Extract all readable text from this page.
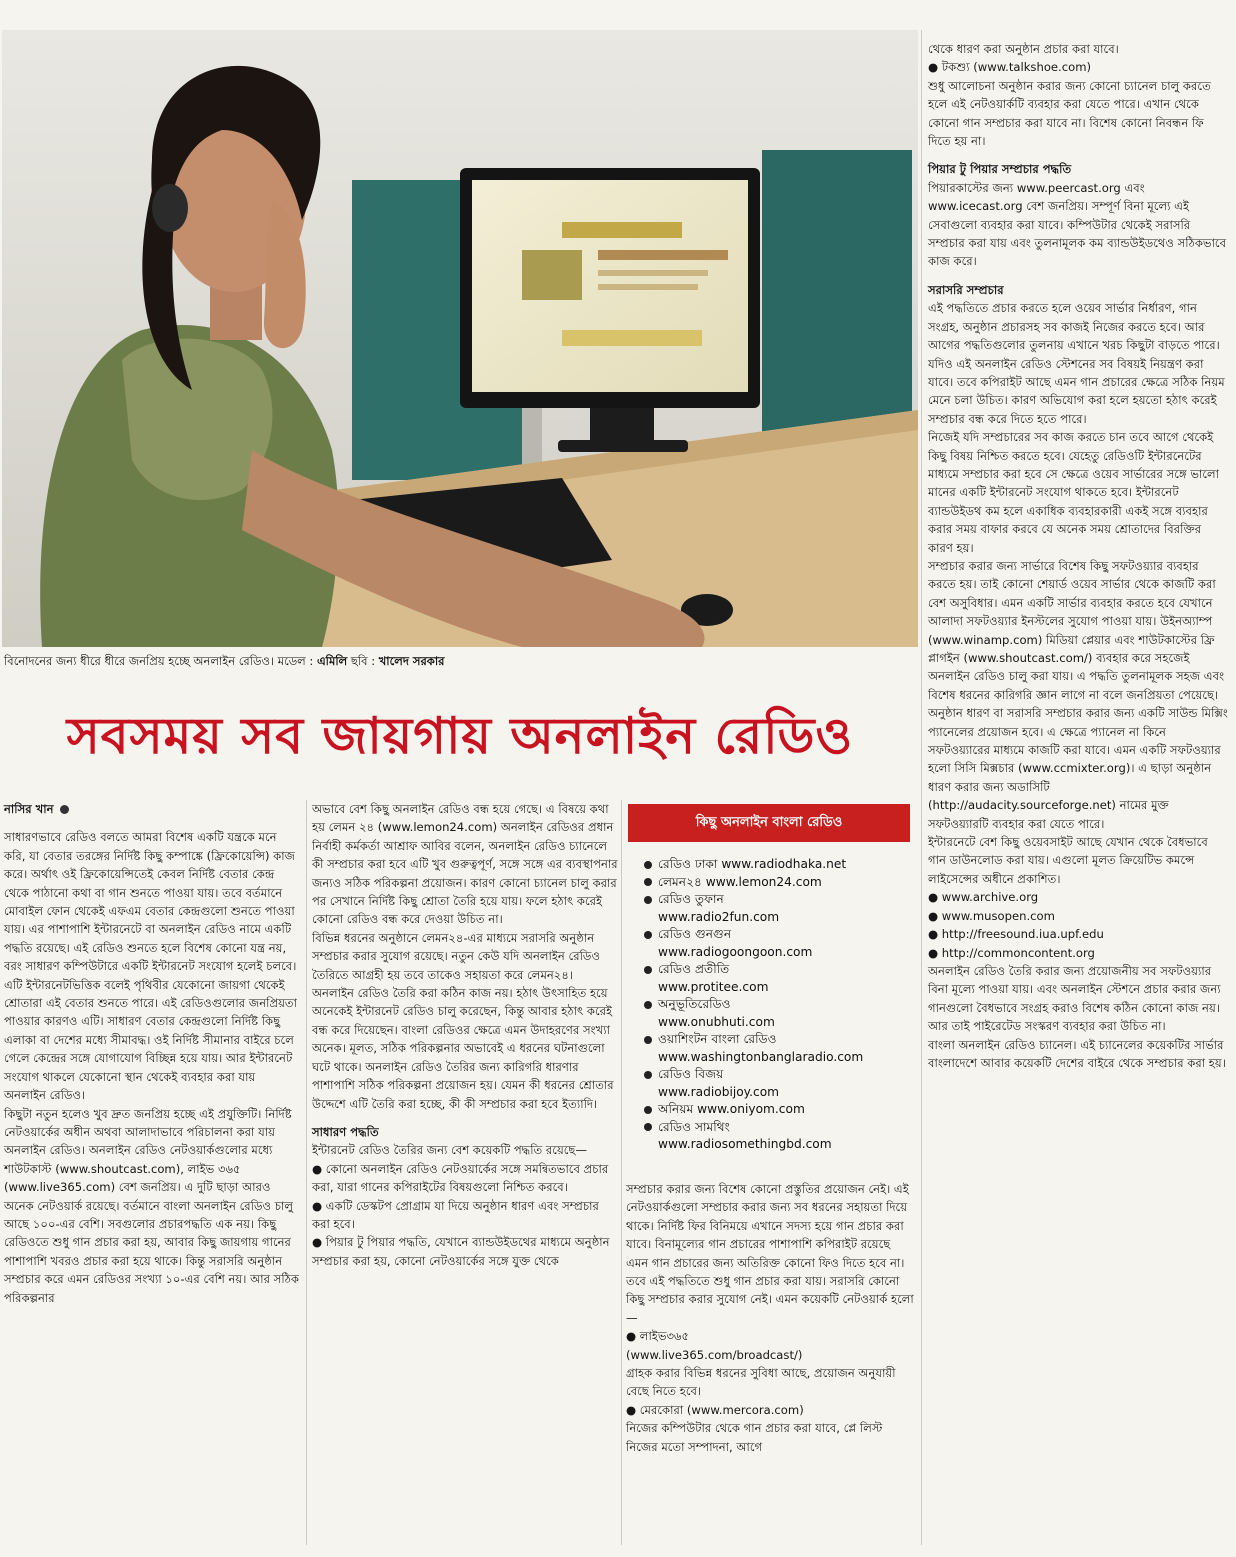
বিনোদনের জন্য ধীরে ধীরে জনপ্রিয় হচ্ছে অনলাইন রেডিও। মডেল : এমিলি ছবি : খালেদ সরকার
সবসময় সব জায়গায় অনলাইন রেডিও
নাসির খান
সাধারণভাবে রেডিও বলতে আমরা বিশেষ একটি যন্ত্রকে মনে করি, যা বেতার তরঙ্গের নির্দিষ্ট কিছু কম্পাঙ্কে (ফ্রিকোয়েন্সি) কাজ করে। অর্থাৎ ওই ফ্রিকোয়েন্সিতেই কেবল নির্দিষ্ট বেতার কেন্দ্র থেকে পাঠানো কথা বা গান শুনতে পাওয়া যায়। তবে বর্তমানে মোবাইল ফোন থেকেই এফএম বেতার কেন্দ্রগুলো শুনতে পাওয়া যায়। এর পাশাপাশি ইন্টারনেটে বা অনলাইন রেডিও নামে একটি পদ্ধতি রয়েছে। এই রেডিও শুনতে হলে বিশেষ কোনো যন্ত্র নয়, বরং সাধারণ কম্পিউটারে একটি ইন্টারনেট সংযোগ হলেই চলবে। এটি ইন্টারনেটভিত্তিক বলেই পৃথিবীর যেকোনো জায়গা থেকেই শ্রোতারা এই বেতার শুনতে পারে। এই রেডিওগুলোর জনপ্রিয়তা পাওয়ার কারণও এটি। সাধারণ বেতার কেন্দ্রগুলো নির্দিষ্ট কিছু এলাকা বা দেশের মধ্যে সীমাবদ্ধ। ওই নির্দিষ্ট সীমানার বাইরে চলে গেলে কেন্দ্রের সঙ্গে যোগাযোগ বিচ্ছিন্ন হয়ে যায়। আর ইন্টারনেট সংযোগ থাকলে যেকোনো স্থান থেকেই ব্যবহার করা যায় অনলাইন রেডিও।
কিছুটা নতুন হলেও খুব দ্রুত জনপ্রিয় হচ্ছে এই প্রযুক্তিটি। নির্দিষ্ট নেটওয়ার্কের অধীন অথবা আলাদাভাবে পরিচালনা করা যায় অনলাইন রেডিও। অনলাইন রেডিও নেটওয়ার্কগুলোর মধ্যে শাউটকাস্ট (www.shoutcast.com), লাইভ ৩৬৫ (www.live365.com) বেশ জনপ্রিয়। এ দুটি ছাড়া আরও অনেক নেটওয়ার্ক রয়েছে। বর্তমানে বাংলা অনলাইন রেডিও চালু আছে ১০০-এর বেশি। সবগুলোর প্রচারপদ্ধতি এক নয়। কিছু রেডিওতে শুধু গান প্রচার করা হয়, আবার কিছু জায়গায় গানের পাশাপাশি খবরও প্রচার করা হয়ে থাকে। কিন্তু সরাসরি অনুষ্ঠান সম্প্রচার করে এমন রেডিওর সংখ্যা ১০-এর বেশি নয়। আর সঠিক পরিকল্পনার
অভাবে বেশ কিছু অনলাইন রেডিও বন্ধ হয়ে গেছে। এ বিষয়ে কথা হয় লেমন ২৪ (www.lemon24.com) অনলাইন রেডিওর প্রধান নির্বাহী কর্মকর্তা আশ্রাফ আবির বলেন, অনলাইন রেডিও চ্যানেলে কী সম্প্রচার করা হবে এটি খুব গুরুত্বপূর্ণ, সঙ্গে সঙ্গে এর ব্যবস্থাপনার জন্যও সঠিক পরিকল্পনা প্রয়োজন। কারণ কোনো চ্যানেল চালু করার পর সেখানে নির্দিষ্ট কিছু শ্রোতা তৈরি হয়ে যায়। ফলে হঠাৎ করেই কোনো রেডিও বন্ধ করে দেওয়া উচিত না।
বিভিন্ন ধরনের অনুষ্ঠানে লেমন২৪-এর মাধ্যমে সরাসরি অনুষ্ঠান সম্প্রচার করার সুযোগ রয়েছে। নতুন কেউ যদি অনলাইন রেডিও তৈরিতে আগ্রহী হয় তবে তাকেও সহায়তা করে লেমন২৪।
অনলাইন রেডিও তৈরি করা কঠিন কাজ নয়। হঠাৎ উৎসাহিত হয়ে অনেকেই ইন্টারনেট রেডিও চালু করেছেন, কিন্তু আবার হঠাৎ করেই বন্ধ করে দিয়েছেন। বাংলা রেডিওর ক্ষেত্রে এমন উদাহরণের সংখ্যা অনেক। মূলত, সঠিক পরিকল্পনার অভাবেই এ ধরনের ঘটনাগুলো ঘটে থাকে। অনলাইন রেডিও তৈরির জন্য কারিগরি ধারণার পাশাপাশি সঠিক পরিকল্পনা প্রয়োজন হয়। যেমন কী ধরনের শ্রোতার উদ্দেশে এটি তৈরি করা হচ্ছে, কী কী সম্প্রচার করা হবে ইত্যাদি।
সাধারণ পদ্ধতি
ইন্টারনেট রেডিও তৈরির জন্য বেশ কয়েকটি পদ্ধতি রয়েছে—
● কোনো অনলাইন রেডিও নেটওয়ার্কের সঙ্গে সমন্বিতভাবে প্রচার করা, যারা গানের কপিরাইটের বিষয়গুলো নিশ্চিত করবে।
● একটি ডেস্কটপ প্রোগ্রাম যা দিয়ে অনুষ্ঠান ধারণ এবং সম্প্রচার করা হবে।
● পিয়ার টু পিয়ার পদ্ধতি, যেখানে ব্যান্ডউইডথের মাধ্যমে অনুষ্ঠান সম্প্রচার করা হয়, কোনো নেটওয়ার্কের সঙ্গে যুক্ত থেকে
কিছু অনলাইন বাংলা রেডিও
রেডিও ঢাকা www.radiodhaka.net
লেমন২৪ www.lemon24.com
রেডিও তুফান
www.radio2fun.com
রেডিও গুনগুন
www.radiogoongoon.com
রেডিও প্রতীতি
www.protitee.com
অনুভূতিরেডিও
www.onubhuti.com
ওয়াশিংটন বাংলা রেডিও
www.washingtonbanglaradio.com
রেডিও বিজয়
www.radiobijoy.com
অনিয়ম www.oniyom.com
রেডিও সামথিং
www.radiosomethingbd.com
সম্প্রচার করার জন্য বিশেষ কোনো প্রস্তুতির প্রয়োজন নেই। এই নেটওয়ার্কগুলো সম্প্রচার করার জন্য সব ধরনের সহায়তা দিয়ে থাকে। নির্দিষ্ট ফির বিনিময়ে এখানে সদস্য হয়ে গান প্রচার করা যাবে। বিনামূল্যের গান প্রচারের পাশাপাশি কপিরাইট রয়েছে এমন গান প্রচারের জন্য অতিরিক্ত কোনো ফিও দিতে হবে না। তবে এই পদ্ধতিতে শুধু গান প্রচার করা যায়। সরাসরি কোনো কিছু সম্প্রচার করার সুযোগ নেই। এমন কয়েকটি নেটওয়ার্ক হলো—
● লাইভ৩৬৫
(www.live365.com/broadcast/)
গ্রাহক করার বিভিন্ন ধরনের সুবিধা আছে, প্রয়োজন অনুযায়ী বেছে নিতে হবে।
● মেরকোরা (www.mercora.com)
নিজের কম্পিউটার থেকে গান প্রচার করা যাবে, প্লে লিস্ট নিজের মতো সম্পাদনা, আগে
থেকে ধারণ করা অনুষ্ঠান প্রচার করা যাবে।
● টকশ্যু (www.talkshoe.com)
শুধু আলোচনা অনুষ্ঠান করার জন্য কোনো চ্যানেল চালু করতে হলে এই নেটওয়ার্কটি ব্যবহার করা যেতে পারে। এখান থেকে কোনো গান সম্প্রচার করা যাবে না। বিশেষ কোনো নিবন্ধন ফি দিতে হয় না।
পিয়ার টু পিয়ার সম্প্রচার পদ্ধতি
পিয়ারকাস্টের জন্য www.peercast.org এবং www.icecast.org বেশ জনপ্রিয়। সম্পূর্ণ বিনা মূল্যে এই সেবাগুলো ব্যবহার করা যাবে। কম্পিউটার থেকেই সরাসরি সম্প্রচার করা যায় এবং তুলনামূলক কম ব্যান্ডউইডথেও সঠিকভাবে কাজ করে।
সরাসরি সম্প্রচার
এই পদ্ধতিতে প্রচার করতে হলে ওয়েব সার্ভার নির্ধারণ, গান সংগ্রহ, অনুষ্ঠান প্রচারসহ সব কাজই নিজের করতে হবে। আর আগের পদ্ধতিগুলোর তুলনায় এখানে খরচ কিছুটা বাড়তে পারে। যদিও এই অনলাইন রেডিও স্টেশনের সব বিষয়ই নিয়ন্ত্রণ করা যাবে। তবে কপিরাইট আছে এমন গান প্রচারের ক্ষেত্রে সঠিক নিয়ম মেনে চলা উচিত। কারণ অভিযোগ করা হলে হয়তো হঠাৎ করেই সম্প্রচার বন্ধ করে দিতে হতে পারে।
নিজেই যদি সম্প্রচারের সব কাজ করতে চান তবে আগে থেকেই কিছু বিষয় নিশ্চিত করতে হবে। যেহেতু রেডিওটি ইন্টারনেটের মাধ্যমে সম্প্রচার করা হবে সে ক্ষেত্রে ওয়েব সার্ভারের সঙ্গে ভালো মানের একটি ইন্টারনেট সংযোগ থাকতে হবে। ইন্টারনেট ব্যান্ডউইডথ কম হলে একাধিক ব্যবহারকারী একই সঙ্গে ব্যবহার করার সময় বাফার করবে যে অনেক সময় শ্রোতাদের বিরক্তির কারণ হয়।
সম্প্রচার করার জন্য সার্ভারে বিশেষ কিছু সফটওয়্যার ব্যবহার করতে হয়। তাই কোনো শেয়ার্ড ওয়েব সার্ভার থেকে কাজটি করা বেশ অসুবিধার। এমন একটি সার্ভার ব্যবহার করতে হবে যেখানে আলাদা সফটওয়্যার ইনস্টলের সুযোগ পাওয়া যায়। উইনঅ্যাম্প (www.winamp.com) মিডিয়া প্লেয়ার এবং শাউটকাস্টের ফ্রি প্লাগইন (www.shoutcast.com/) ব্যবহার করে সহজেই অনলাইন রেডিও চালু করা যায়। এ পদ্ধতি তুলনামূলক সহজ এবং বিশেষ ধরনের কারিগরি জ্ঞান লাগে না বলে জনপ্রিয়তা পেয়েছে।
অনুষ্ঠান ধারণ বা সরাসরি সম্প্রচার করার জন্য একটি সাউন্ড মিক্সিং প্যানেলের প্রয়োজন হবে। এ ক্ষেত্রে প্যানেল না কিনে সফটওয়্যারের মাধ্যমে কাজটি করা যাবে। এমন একটি সফটওয়্যার হলো সিসি মিক্সচার (www.ccmixter.org)। এ ছাড়া অনুষ্ঠান ধারণ করার জন্য অডাসিটি (http://audacity.sourceforge.net) নামের মুক্ত সফটওয়্যারটি ব্যবহার করা যেতে পারে।
ইন্টারনেটে বেশ কিছু ওয়েবসাইট আছে যেখান থেকে বৈধভাবে গান ডাউনলোড করা যায়। এগুলো মূলত ক্রিয়েটিভ কমন্সে লাইসেন্সের অধীনে প্রকাশিত।
● www.archive.org
● www.musopen.com
● http://freesound.iua.upf.edu
● http://commoncontent.org
অনলাইন রেডিও তৈরি করার জন্য প্রয়োজনীয় সব সফটওয়্যার বিনা মূল্যে পাওয়া যায়। এবং অনলাইন স্টেশনে প্রচার করার জন্য গানগুলো বৈধভাবে সংগ্রহ করাও বিশেষ কঠিন কোনো কাজ নয়। আর তাই পাইরেটেড সংস্করণ ব্যবহার করা উচিত না।
বাংলা অনলাইন রেডিও চ্যানেল। এই চ্যানেলের কয়েকটির সার্ভার বাংলাদেশে আবার কয়েকটি দেশের বাইরে থেকে সম্প্রচার করা হয়।
